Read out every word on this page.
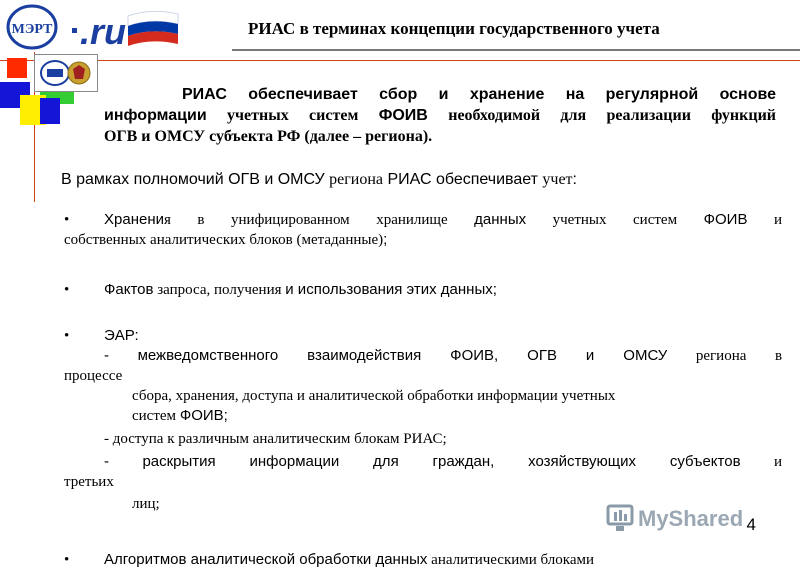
МЭРТ .ru	РИАС в терминах концепции государственного учета
РИАС обеспечивает сбор и хранение на регулярной основе
информации учетных систем ФОИВ необходимой для реализации функций
ОГВ и ОМСУ субъекта РФ (далее – региона).
В рамках полномочий ОГВ и ОМСУ региона РИАС обеспечивает учет:
•	Хранения в унифицированном хранилище данных учетных систем ФОИВ и
собственных аналитических блоков (метаданные);
•	Фактов запроса, получения и использования этих данных;
•	ЭАР:
- межведомственного взаимодействия ФОИВ, ОГВ и ОМСУ региона в
процессе
сбора, хранения, доступа и аналитической обработки информации учетных
систем ФОИВ;
- доступа к различным аналитическим блокам РИАС;
- раскрытия информации для граждан, хозяйствующих субъектов и
третьих
лиц;
•	Алгоритмов аналитической обработки данных аналитическими блоками
MyShared 4
